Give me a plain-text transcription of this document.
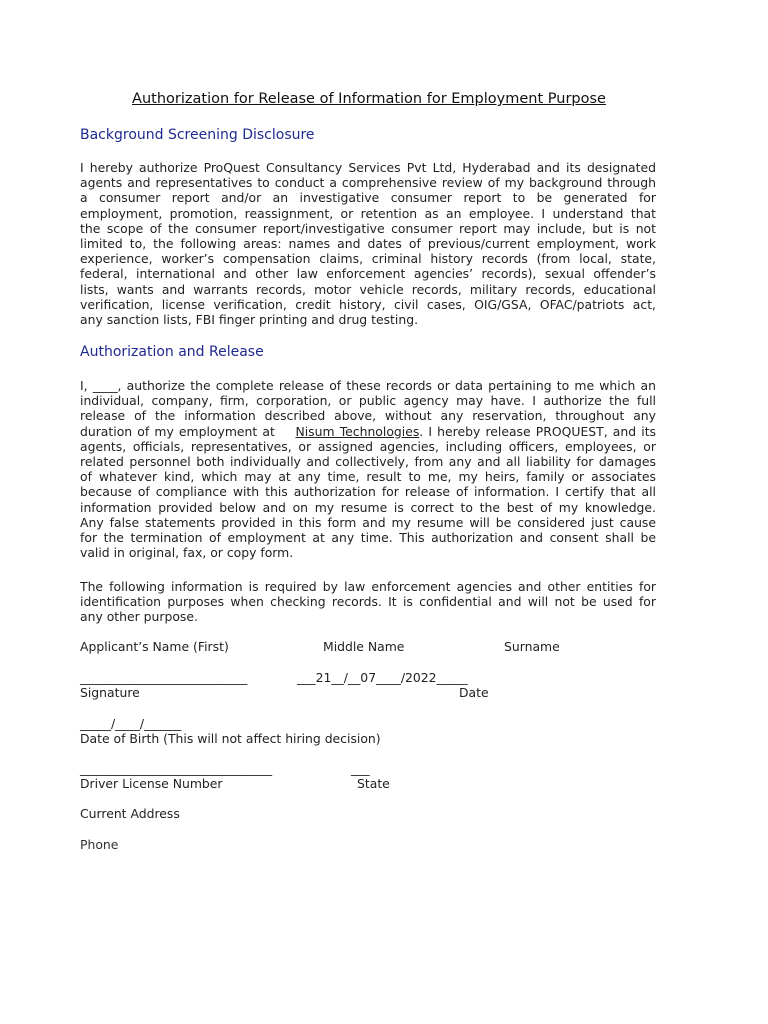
Authorization for Release of Information for Employment Purpose
Background Screening Disclosure
I hereby authorize ProQuest Consultancy Services Pvt Ltd, Hyderabad and its designated
agents and representatives to conduct a comprehensive review of my background through
a consumer report and/or an investigative consumer report to be generated for
employment, promotion, reassignment, or retention as an employee. I understand that
the scope of the consumer report/investigative consumer report may include, but is not
limited to, the following areas: names and dates of previous/current employment, work
experience, worker’s compensation claims, criminal history records (from local, state,
federal, international and other law enforcement agencies’ records), sexual offender’s
lists, wants and warrants records, motor vehicle records, military records, educational
verification, license verification, credit history, civil cases, OIG/GSA, OFAC/patriots act,
any sanction lists, FBI finger printing and drug testing.
Authorization and Release
I, ____, authorize the complete release of these records or data pertaining to me which an
individual, company, firm, corporation, or public agency may have. I authorize the full
release of the information described above, without any reservation, throughout any
duration of my employment at Nisum Technologies. I hereby release PROQUEST, and its
agents, officials, representatives, or assigned agencies, including officers, employees, or
related personnel both individually and collectively, from any and all liability for damages
of whatever kind, which may at any time, result to me, my heirs, family or associates
because of compliance with this authorization for release of information. I certify that all
information provided below and on my resume is correct to the best of my knowledge.
Any false statements provided in this form and my resume will be considered just cause
for the termination of employment at any time. This authorization and consent shall be
valid in original, fax, or copy form.
The following information is required by law enforcement agencies and other entities for
identification purposes when checking records. It is confidential and will not be used for
any other purpose.
Applicant’s Name (First)	Middle Name	Surname
___________________________	___21__/__07____/2022_____
Signature	Date
_____/____/______
Date of Birth (This will not affect hiring decision)
_______________________________	___
Driver License Number	State
Current Address
Phone
